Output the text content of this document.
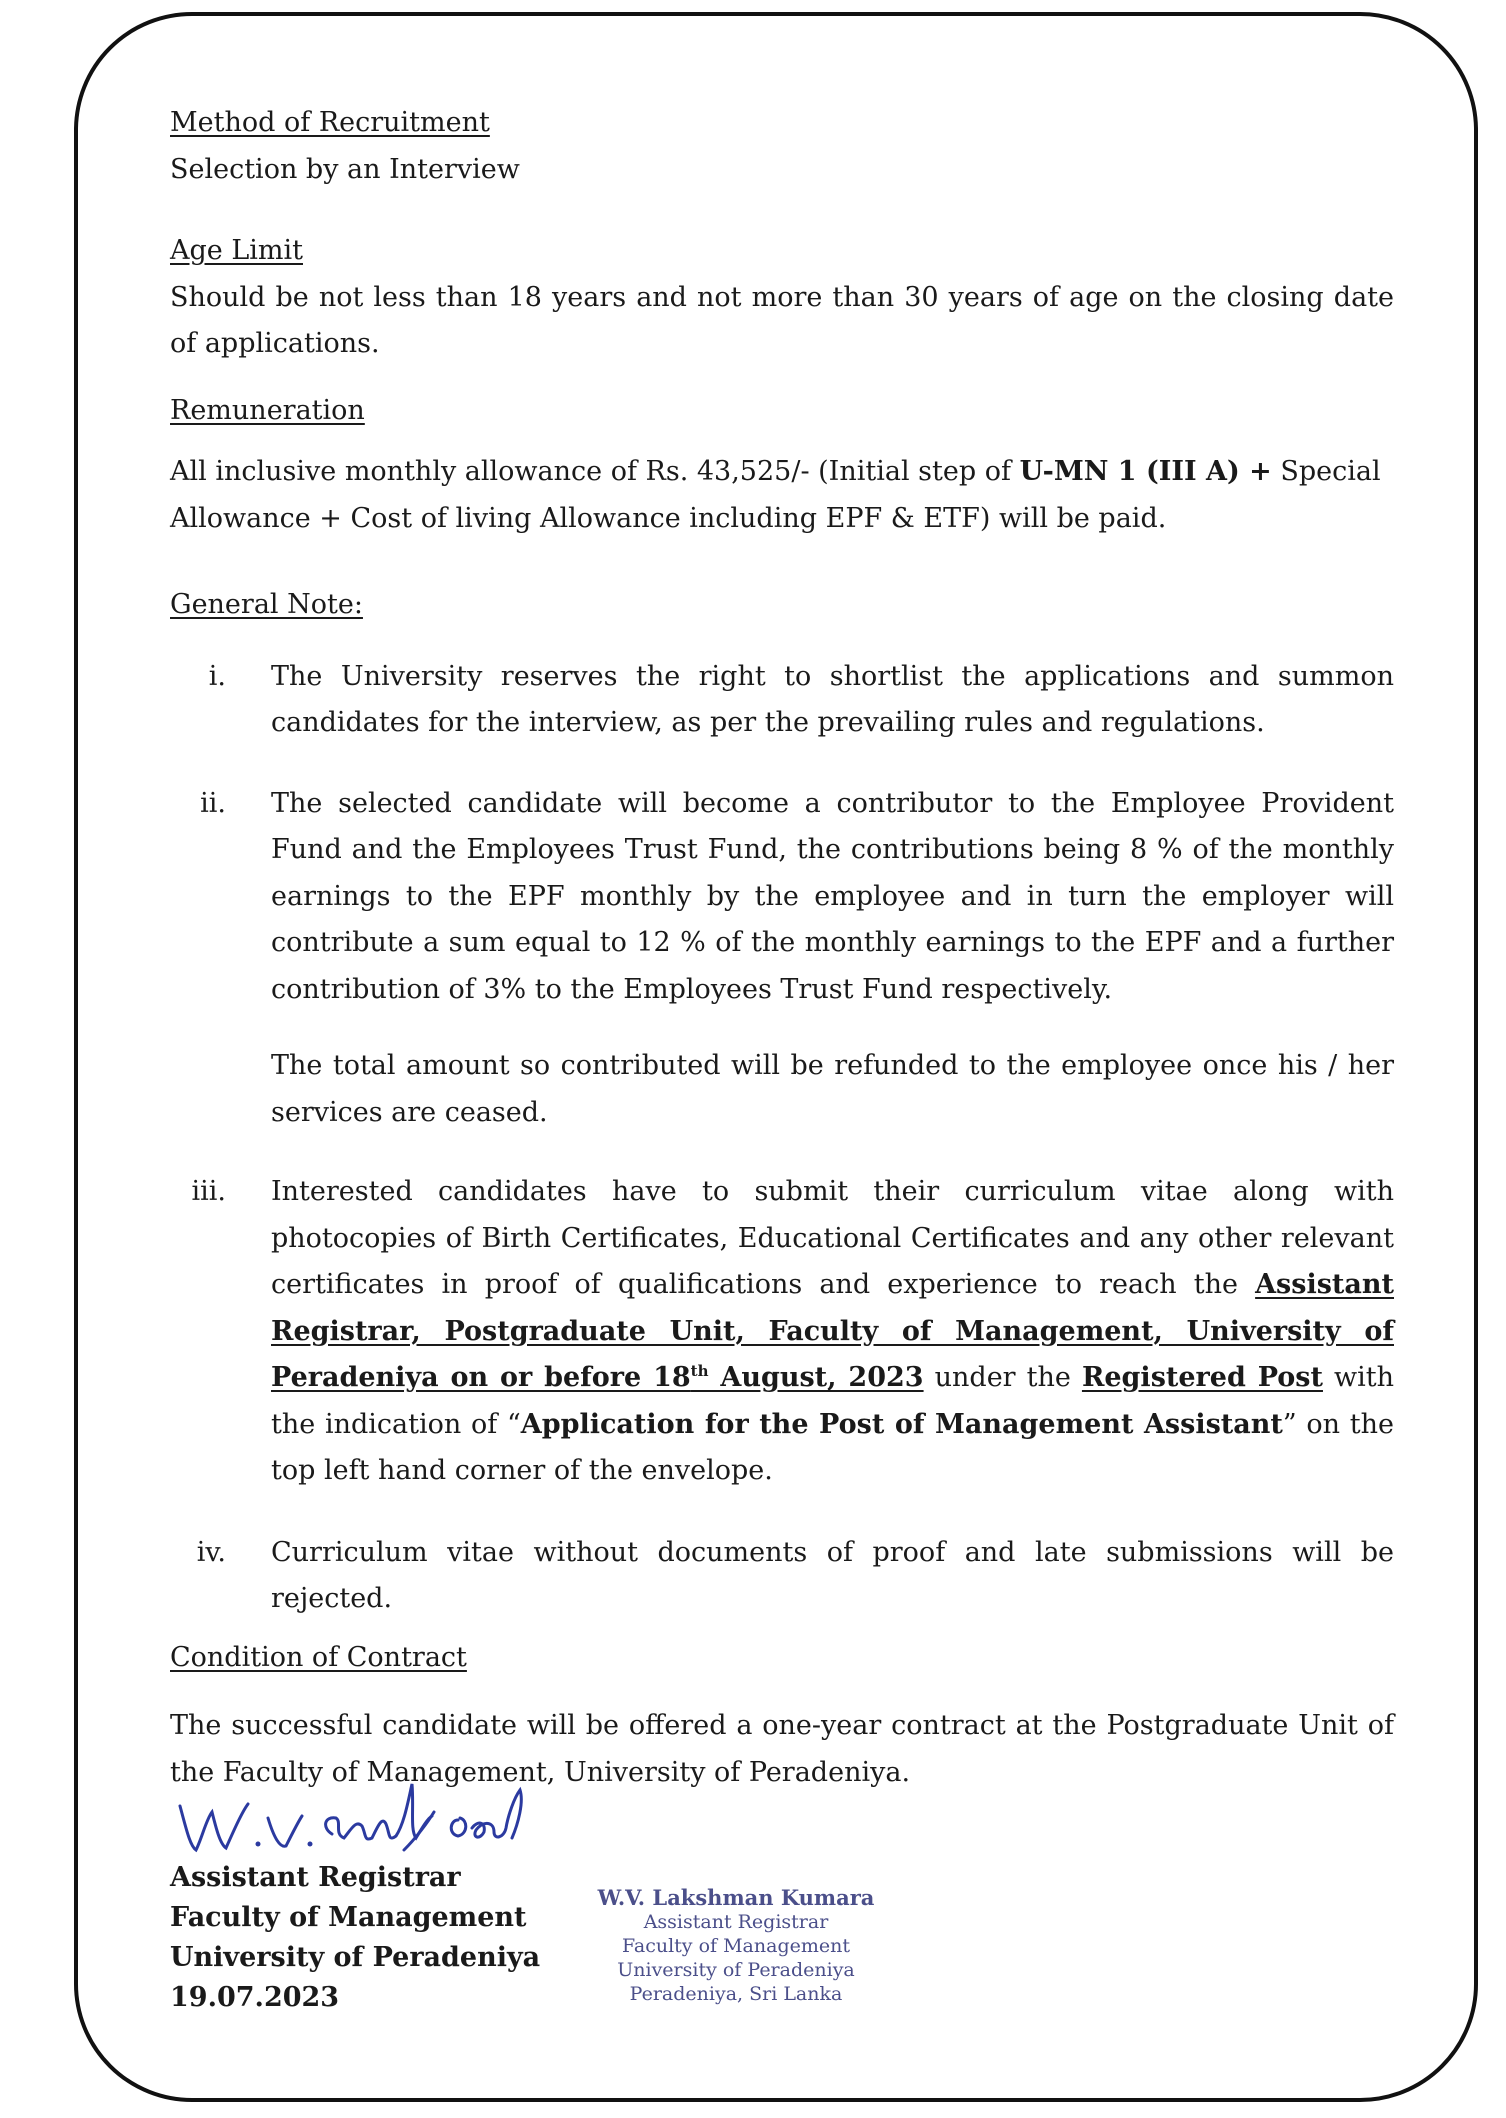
Method of Recruitment

Selection by an Interview

Age Limit

Should be not less than 18 years and not more than 30 years of age on the closing date of applications.

Remuneration

All inclusive monthly allowance of Rs. 43,525/- (Initial step of U-MN 1 (III A) + Special Allowance + Cost of living Allowance including EPF & ETF) will be paid.

General Note:
i. The University reserves the right to shortlist the applications and summon candidates for the interview, as per the prevailing rules and regulations.

ii. The selected candidate will become a contributor to the Employee Provident Fund and the Employees Trust Fund, the contributions being 8 % of the monthly earnings to the EPF monthly by the employee and in turn the employer will contribute a sum equal to 12 % of the monthly earnings to the EPF and a further contribution of 3% to the Employees Trust Fund respectively.

The total amount so contributed will be refunded to the employee once his / her services are ceased.

iii. Interested candidates have to submit their curriculum vitae along with photocopies of Birth Certificates, Educational Certificates and any other relevant certificates in proof of qualifications and experience to reach the Assistant Registrar, Postgraduate Unit, Faculty of Management, University of Peradeniya on or before 18th August, 2023 under the Registered Post with the indication of “Application for the Post of Management Assistant” on the top left hand corner of the envelope.

iv. Curriculum vitae without documents of proof and late submissions will be rejected.

Condition of Contract

The successful candidate will be offered a one-year contract at the Postgraduate Unit of the Faculty of Management, University of Peradeniya.

Assistant Registrar
Faculty of Management
University of Peradeniya
19.07.2023
W.V. Lakshman Kumara
Assistant Registrar
Faculty of Management
University of Peradeniya
Peradeniya, Sri Lanka
